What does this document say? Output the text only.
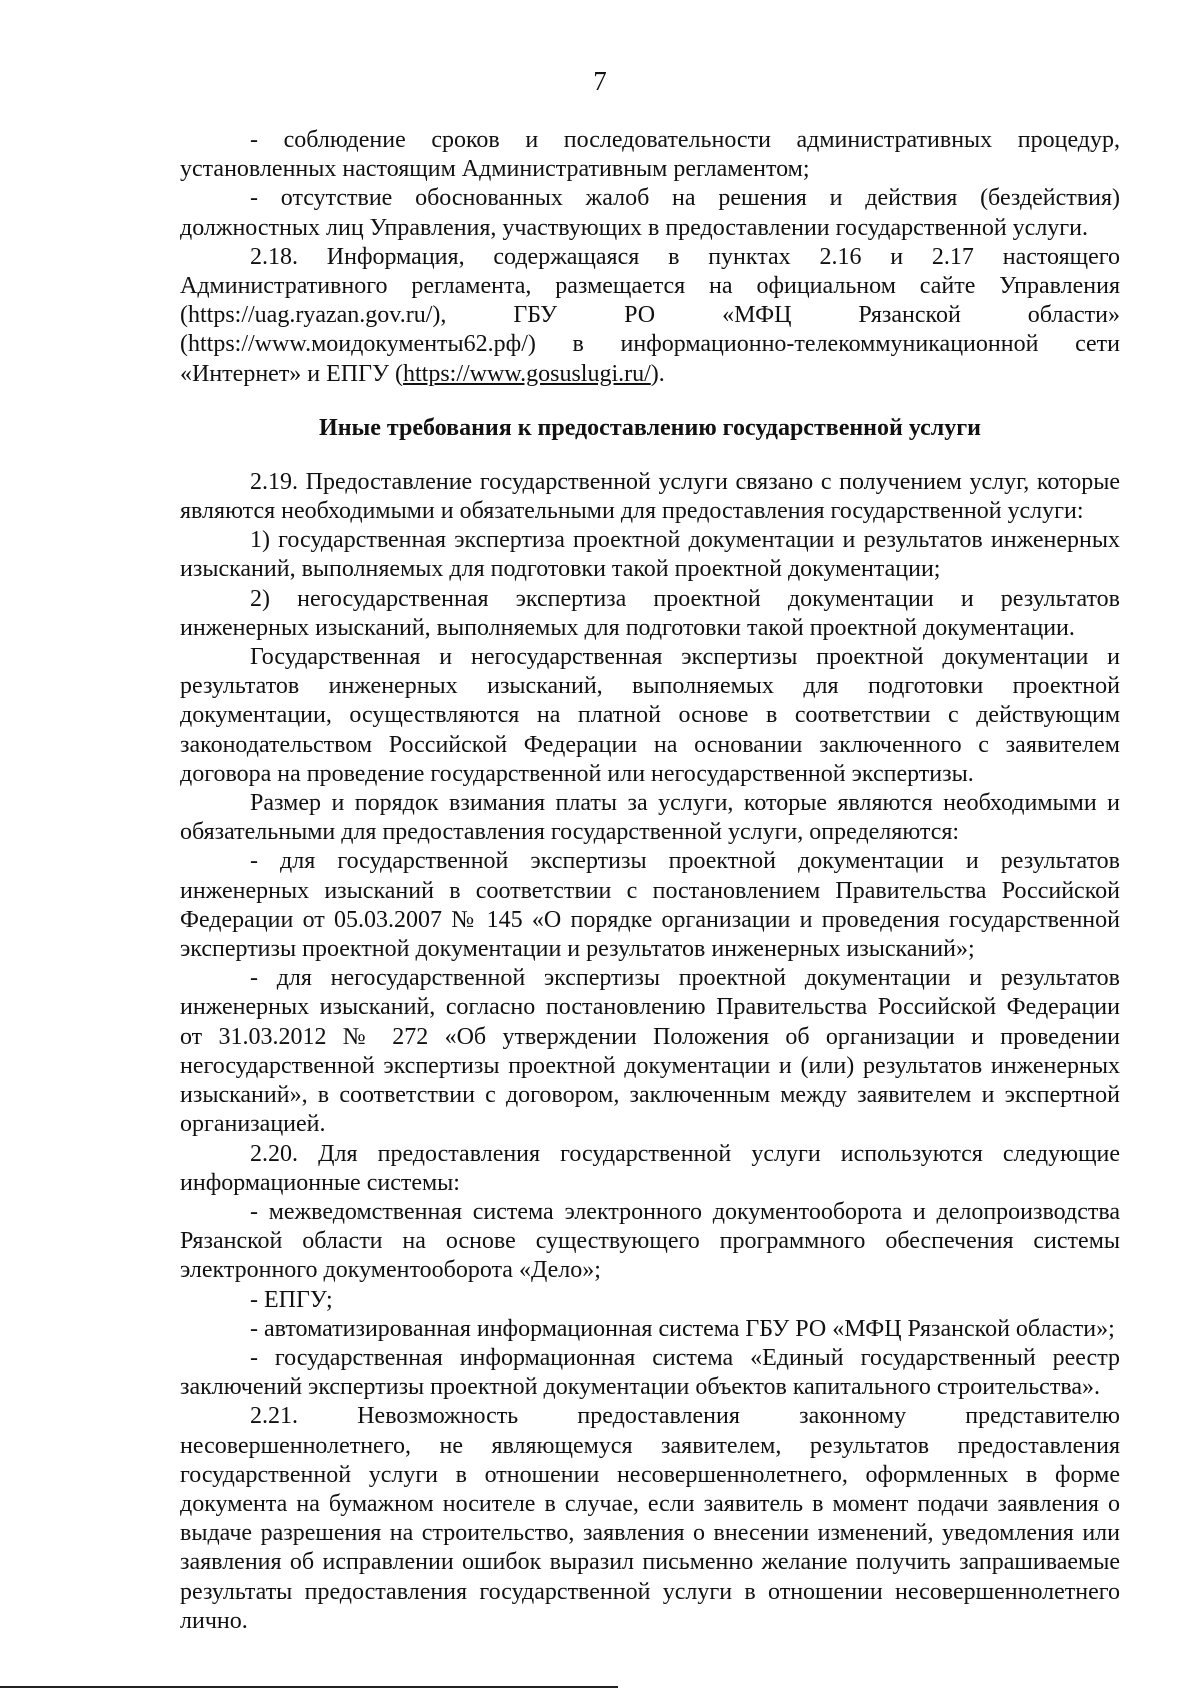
7

- соблюдение сроков и последовательности административных процедур, установленных настоящим Административным регламентом;

- отсутствие обоснованных жалоб на решения и действия (бездействия) должностных лиц Управления, участвующих в предоставлении государственной услуги.

2.18. Информация, содержащаяся в пунктах 2.16 и 2.17 настоящего Административного регламента, размещается на официальном сайте Управления (https://uag.ryazan.gov.ru/), ГБУ РО «МФЦ Рязанской области» (https://www.моидокументы62.рф/) в информационно-телекоммуникационной сети «Интернет» и ЕПГУ (https://www.gosuslugi.ru/).

Иные требования к предоставлению государственной услуги

2.19. Предоставление государственной услуги связано с получением услуг, которые являются необходимыми и обязательными для предоставления государственной услуги:

1) государственная экспертиза проектной документации и результатов инженерных изысканий, выполняемых для подготовки такой проектной документации;

2) негосударственная экспертиза проектной документации и результатов инженерных изысканий, выполняемых для подготовки такой проектной документации.

Государственная и негосударственная экспертизы проектной документации и результатов инженерных изысканий, выполняемых для подготовки проектной документации, осуществляются на платной основе в соответствии с действующим законодательством Российской Федерации на основании заключенного с заявителем договора на проведение государственной или негосударственной экспертизы.

Размер и порядок взимания платы за услуги, которые являются необходимыми и обязательными для предоставления государственной услуги, определяются:

- для государственной экспертизы проектной документации и результатов инженерных изысканий в соответствии с постановлением Правительства Российской Федерации от 05.03.2007 № 145 «О порядке организации и проведения государственной экспертизы проектной документации и результатов инженерных изысканий»;

- для негосударственной экспертизы проектной документации и результатов инженерных изысканий, согласно постановлению Правительства Российской Федерации от 31.03.2012 № 272 «Об утверждении Положения об организации и проведении негосударственной экспертизы проектной документации и (или) результатов инженерных изысканий», в соответствии с договором, заключенным между заявителем и экспертной организацией.

2.20. Для предоставления государственной услуги используются следующие информационные системы:

- межведомственная система электронного документооборота и делопроизводства Рязанской области на основе существующего программного обеспечения системы электронного документооборота «Дело»;

- ЕПГУ;

- автоматизированная информационная система ГБУ РО «МФЦ Рязанской области»;

- государственная информационная система «Единый государственный реестр заключений экспертизы проектной документации объектов капитального строительства».

2.21. Невозможность предоставления законному представителю несовершеннолетнего, не являющемуся заявителем, результатов предоставления государственной услуги в отношении несовершеннолетнего, оформленных в форме документа на бумажном носителе в случае, если заявитель в момент подачи заявления о выдаче разрешения на строительство, заявления о внесении изменений, уведомления или заявления об исправлении ошибок выразил письменно желание получить запрашиваемые результаты предоставления государственной услуги в отношении несовершеннолетнего лично.
